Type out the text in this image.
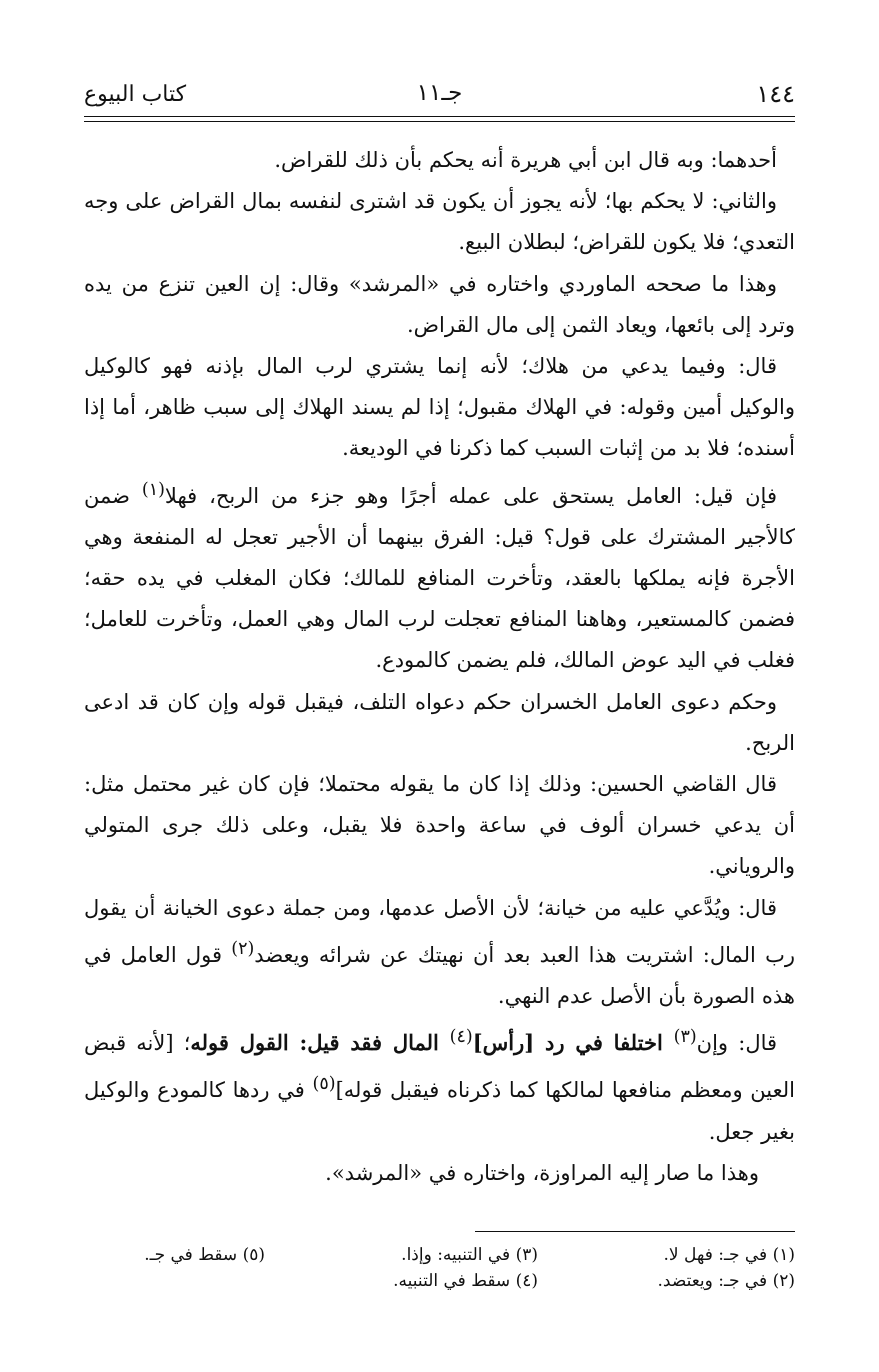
١٤٤
جـ١١
كتاب البيوع

أحدهما: وبه قال ابن أبي هريرة أنه يحكم بأن ذلك للقراض.

والثاني: لا يحكم بها؛ لأنه يجوز أن يكون قد اشترى لنفسه بمال القراض على وجه التعدي؛ فلا يكون للقراض؛ لبطلان البيع.

وهذا ما صححه الماوردي واختاره في «المرشد» وقال: إن العين تنزع من يده وترد إلى بائعها، ويعاد الثمن إلى مال القراض.

قال: وفيما يدعي من هلاك؛ لأنه إنما يشتري لرب المال بإذنه فهو كالوكيل والوكيل أمين وقوله: في الهلاك مقبول؛ إذا لم يسند الهلاك إلى سبب ظاهر، أما إذا أسنده؛ فلا بد من إثبات السبب كما ذكرنا في الوديعة.

فإن قيل: العامل يستحق على عمله أجرًا وهو جزء من الربح، فهلا$^{(١)}$ ضمن كالأجير المشترك على قول؟ قيل: الفرق بينهما أن الأجير تعجل له المنفعة وهي الأجرة فإنه يملكها بالعقد، وتأخرت المنافع للمالك؛ فكان المغلب في يده حقه؛ فضمن كالمستعير، وهاهنا المنافع تعجلت لرب المال وهي العمل، وتأخرت للعامل؛ فغلب في اليد عوض المالك، فلم يضمن كالمودع.

وحكم دعوى العامل الخسران حكم دعواه التلف، فيقبل قوله وإن كان قد ادعى الربح.

قال القاضي الحسين: وذلك إذا كان ما يقوله محتملا؛ فإن كان غير محتمل مثل: أن يدعي خسران ألوف في ساعة واحدة فلا يقبل، وعلى ذلك جرى المتولي والروياني.

قال: ويُدَّعي عليه من خيانة؛ لأن الأصل عدمها، ومن جملة دعوى الخيانة أن يقول رب المال: اشتريت هذا العبد بعد أن نهيتك عن شرائه ويعضد$^{(٢)}$ قول العامل في هذه الصورة بأن الأصل عدم النهي.

قال: وإن$^{(٣)}$ اختلفا في رد [رأس]$^{(٤)}$ المال فقد قيل: القول قوله؛ [لأنه قبض العين ومعظم منافعها لمالكها كما ذكرناه فيقبل قوله]$^{(٥)}$ في ردها كالمودع والوكيل بغير جعل.

وهذا ما صار إليه المراوزة، واختاره في «المرشد».

(١) في جـ: فهل لا.
(٢) في جـ: ويعتضد.
(٣) في التنبيه: وإذا.
(٤) سقط في التنبيه.
(٥) سقط في جـ.
